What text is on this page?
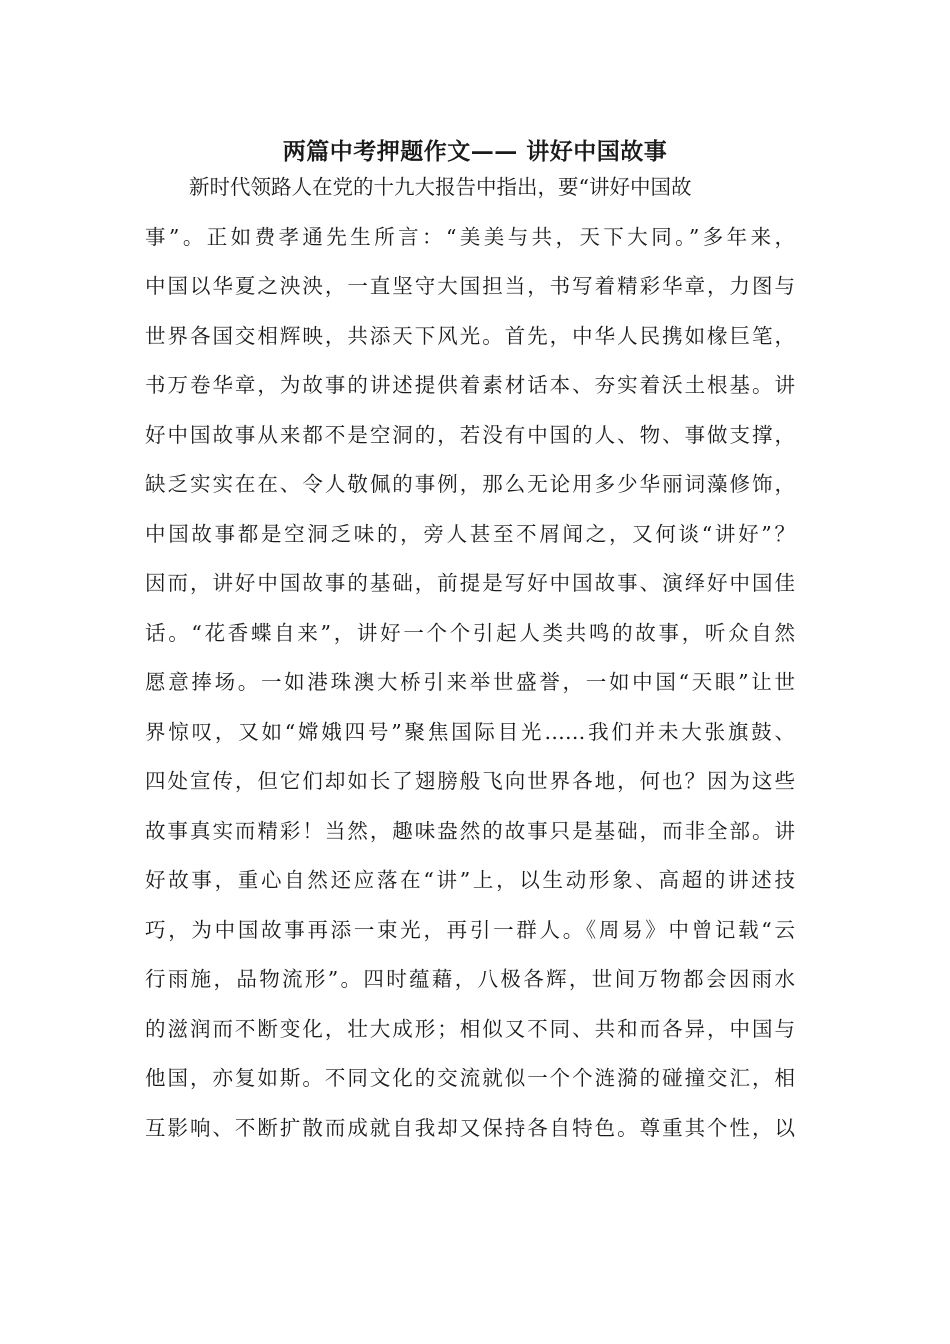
两篇中考押题作文—— 讲好中国故事
新时代领路人在党的十九大报告中指出，要“讲好中国故
事”。正如费孝通先生所言：“美美与共，天下大同。”多年来，
中国以华夏之泱泱，一直坚守大国担当，书写着精彩华章，力图与
世界各国交相辉映，共添天下风光。首先，中华人民携如椽巨笔，
书万卷华章，为故事的讲述提供着素材话本、夯实着沃土根基。讲
好中国故事从来都不是空洞的，若没有中国的人、物、事做支撑，
缺乏实实在在、令人敬佩的事例，那么无论用多少华丽词藻修饰，
中国故事都是空洞乏味的，旁人甚至不屑闻之，又何谈“讲好”？
因而，讲好中国故事的基础，前提是写好中国故事、演绎好中国佳
话。“花香蝶自来”，讲好一个个引起人类共鸣的故事，听众自然
愿意捧场。一如港珠澳大桥引来举世盛誉，一如中国“天眼”让世
界惊叹，又如“嫦娥四号”聚焦国际目光……我们并未大张旗鼓、
四处宣传，但它们却如长了翅膀般飞向世界各地，何也？因为这些
故事真实而精彩！当然，趣味盎然的故事只是基础，而非全部。讲
好故事，重心自然还应落在“讲”上，以生动形象、高超的讲述技
巧，为中国故事再添一束光，再引一群人。《周易》中曾记载“云
行雨施，品物流形”。四时蕴藉，八极各辉，世间万物都会因雨水
的滋润而不断变化，壮大成形；相似又不同、共和而各异，中国与
他国，亦复如斯。不同文化的交流就似一个个涟漪的碰撞交汇，相
互影响、不断扩散而成就自我却又保持各自特色。尊重其个性，以
